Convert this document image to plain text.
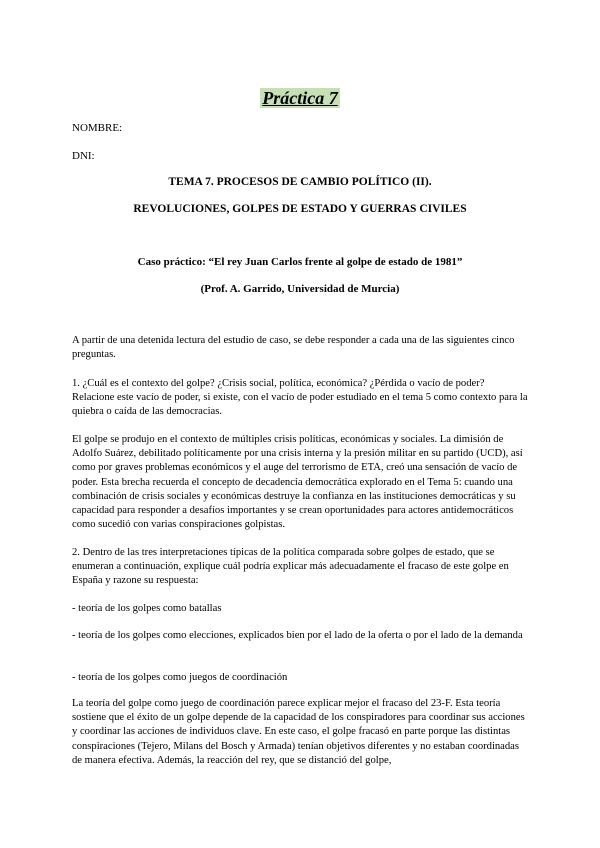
Práctica 7
NOMBRE:
DNI:
TEMA 7. PROCESOS DE CAMBIO POLÍTICO (II).
REVOLUCIONES, GOLPES DE ESTADO Y GUERRAS CIVILES
Caso práctico: “El rey Juan Carlos frente al golpe de estado de 1981”
(Prof. A. Garrido, Universidad de Murcia)

A partir de una detenida lectura del estudio de caso, se debe responder a cada una de las siguientes cinco preguntas.

1. ¿Cuál es el contexto del golpe? ¿Crisis social, política, económica? ¿Pérdida o vacío de poder? Relacione este vacío de poder, si existe, con el vacío de poder estudiado en el tema 5 como contexto para la quiebra o caída de las democracias.

El golpe se produjo en el contexto de múltiples crisis políticas, económicas y sociales. La dimisión de Adolfo Suárez, debilitado políticamente por una crisis interna y la presión militar en su partido (UCD), así como por graves problemas económicos y el auge del terrorismo de ETA, creó una sensación de vacío de poder. Esta brecha recuerda el concepto de decadencia democrática explorado en el Tema 5: cuando una combinación de crisis sociales y económicas destruye la confianza en las instituciones democráticas y su capacidad para responder a desafíos importantes y se crean oportunidades para actores antidemocráticos como sucedió con varias conspiraciones golpistas.

2. Dentro de las tres interpretaciones típicas de la política comparada sobre golpes de estado, que se enumeran a continuación, explique cuál podría explicar más adecuadamente el fracaso de este golpe en España y razone su respuesta:

- teoría de los golpes como batallas

- teoría de los golpes como elecciones, explicados bien por el lado de la oferta o por el lado de la demanda

- teoría de los golpes como juegos de coordinación

La teoría del golpe como juego de coordinación parece explicar mejor el fracaso del 23-F. Esta teoría sostiene que el éxito de un golpe depende de la capacidad de los conspiradores para coordinar sus acciones y coordinar las acciones de individuos clave. En este caso, el golpe fracasó en parte porque las distintas conspiraciones (Tejero, Milans del Bosch y Armada) tenían objetivos diferentes y no estaban coordinadas de manera efectiva. Además, la reacción del rey, que se distanció del golpe,
